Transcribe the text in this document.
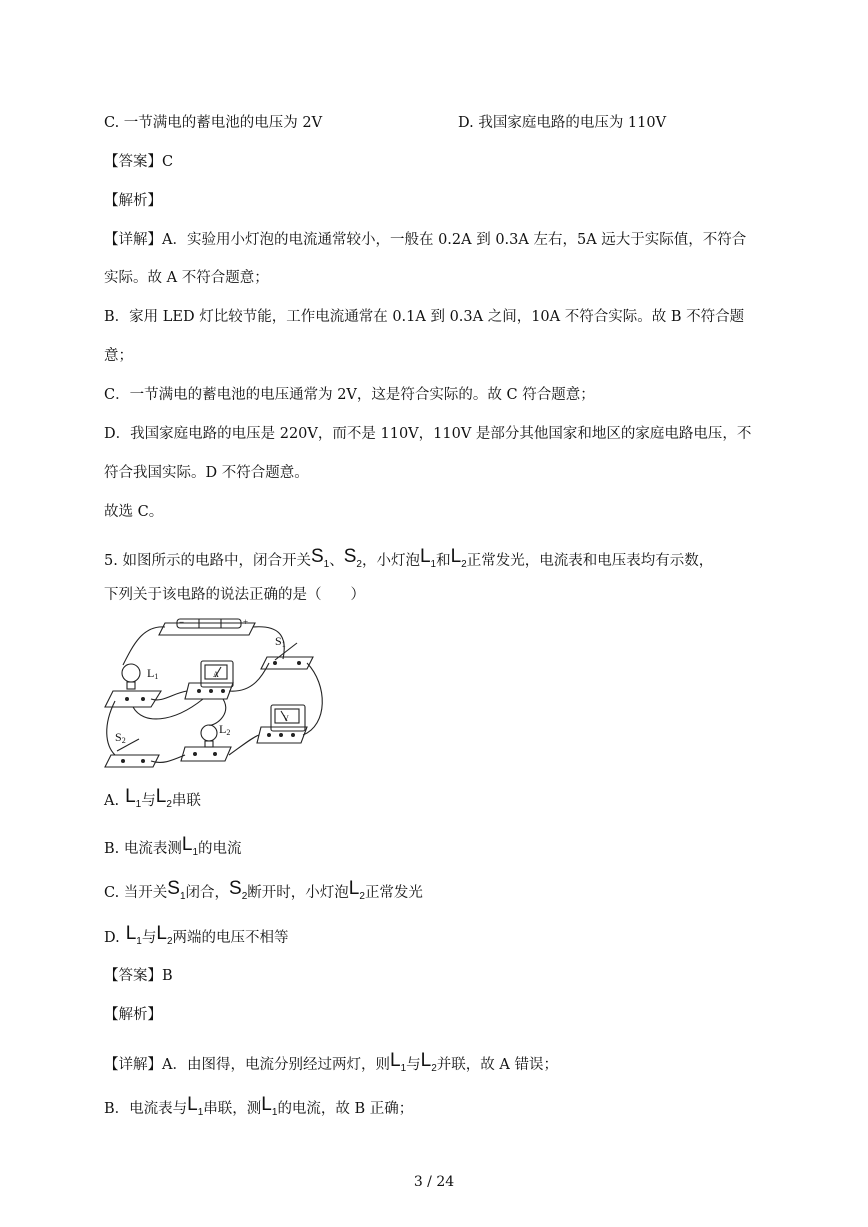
C. 一节满电的蓄电池的电压为 2V	D. 我国家庭电路的电压为 110V
【答案】C
【解析】
【详解】A．实验用小灯泡的电流通常较小，一般在 0.2A 到 0.3A 左右，5A 远大于实际值，不符合
实际。故 A 不符合题意；
B．家用 LED 灯比较节能，工作电流通常在 0.1A 到 0.3A 之间，10A 不符合实际。故 B 不符合题
意；
C．一节满电的蓄电池的电压通常为 2V，这是符合实际的。故 C 符合题意；
D．我国家庭电路的电压是 220V，而不是 110V，110V 是部分其他国家和地区的家庭电路电压，不
符合我国实际。D 不符合题意。
故选 C。
5. 如图所示的电路中，闭合开关$S_1$、$S_2$，小灯泡$L_1$和$L_2$正常发光，电流表和电压表均有示数，
下列关于该电路的说法正确的是（　　）
−	+
S1
L1	A
V
S2
L2
A. $L_1$与$L_2$串联
B. 电流表测$L_1$的电流
C. 当开关$S_1$闭合，$S_2$断开时，小灯泡$L_2$正常发光
D. $L_1$与$L_2$两端的电压不相等
【答案】B
【解析】
【详解】A．由图得，电流分别经过两灯，则$L_1$与$L_2$并联，故 A 错误；
B．电流表与$L_1$串联，测$L_1$的电流，故 B 正确；
3 / 24
